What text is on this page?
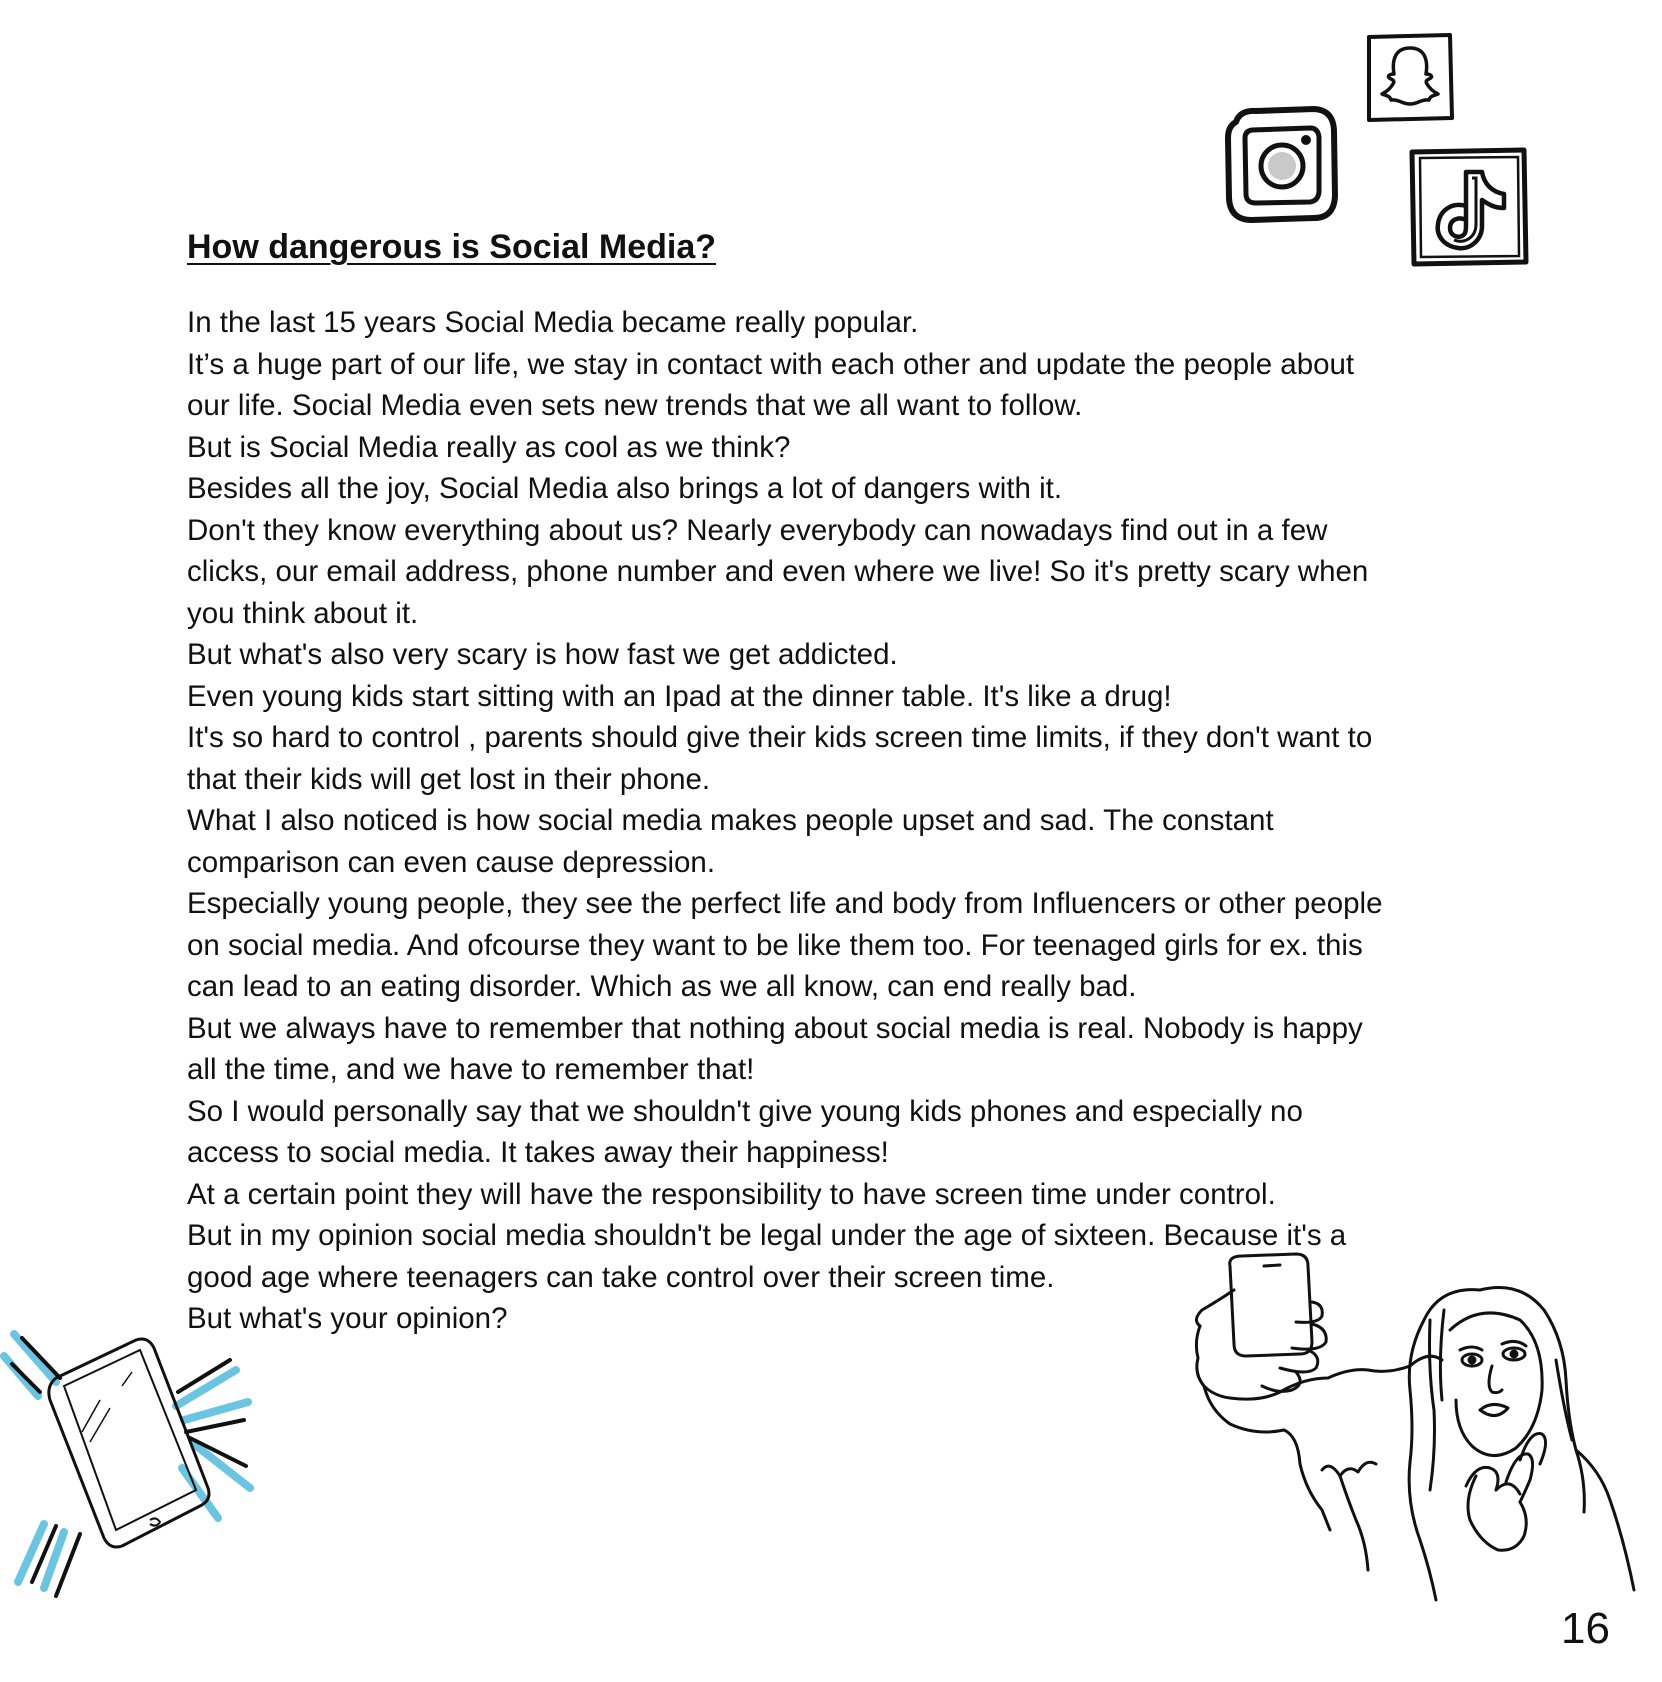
How dangerous is Social Media?
In the last 15 years Social Media became really popular.
It’s a huge part of our life, we stay in contact with each other and update the people about
our life. Social Media even sets new trends that we all want to follow.
But is Social Media really as cool as we think?
Besides all the joy, Social Media also brings a lot of dangers with it.
Don't they know everything about us? Nearly everybody can nowadays find out in a few
clicks, our email address, phone number and even where we live! So it's pretty scary when
you think about it.
But what's also very scary is how fast we get addicted.
Even young kids start sitting with an Ipad at the dinner table. It's like a drug!
It's so hard to control , parents should give their kids screen time limits, if they don't want to
that their kids will get lost in their phone.
What I also noticed is how social media makes people upset and sad. The constant
comparison can even cause depression.
Especially young people, they see the perfect life and body from Influencers or other people
on social media. And ofcourse they want to be like them too. For teenaged girls for ex. this
can lead to an eating disorder. Which as we all know, can end really bad.
But we always have to remember that nothing about social media is real. Nobody is happy
all the time, and we have to remember that!
So I would personally say that we shouldn't give young kids phones and especially no
access to social media. It takes away their happiness!
At a certain point they will have the responsibility to have screen time under control.
But in my opinion social media shouldn't be legal under the age of sixteen. Because it's a
good age where teenagers can take control over their screen time.
But what's your opinion?
16
